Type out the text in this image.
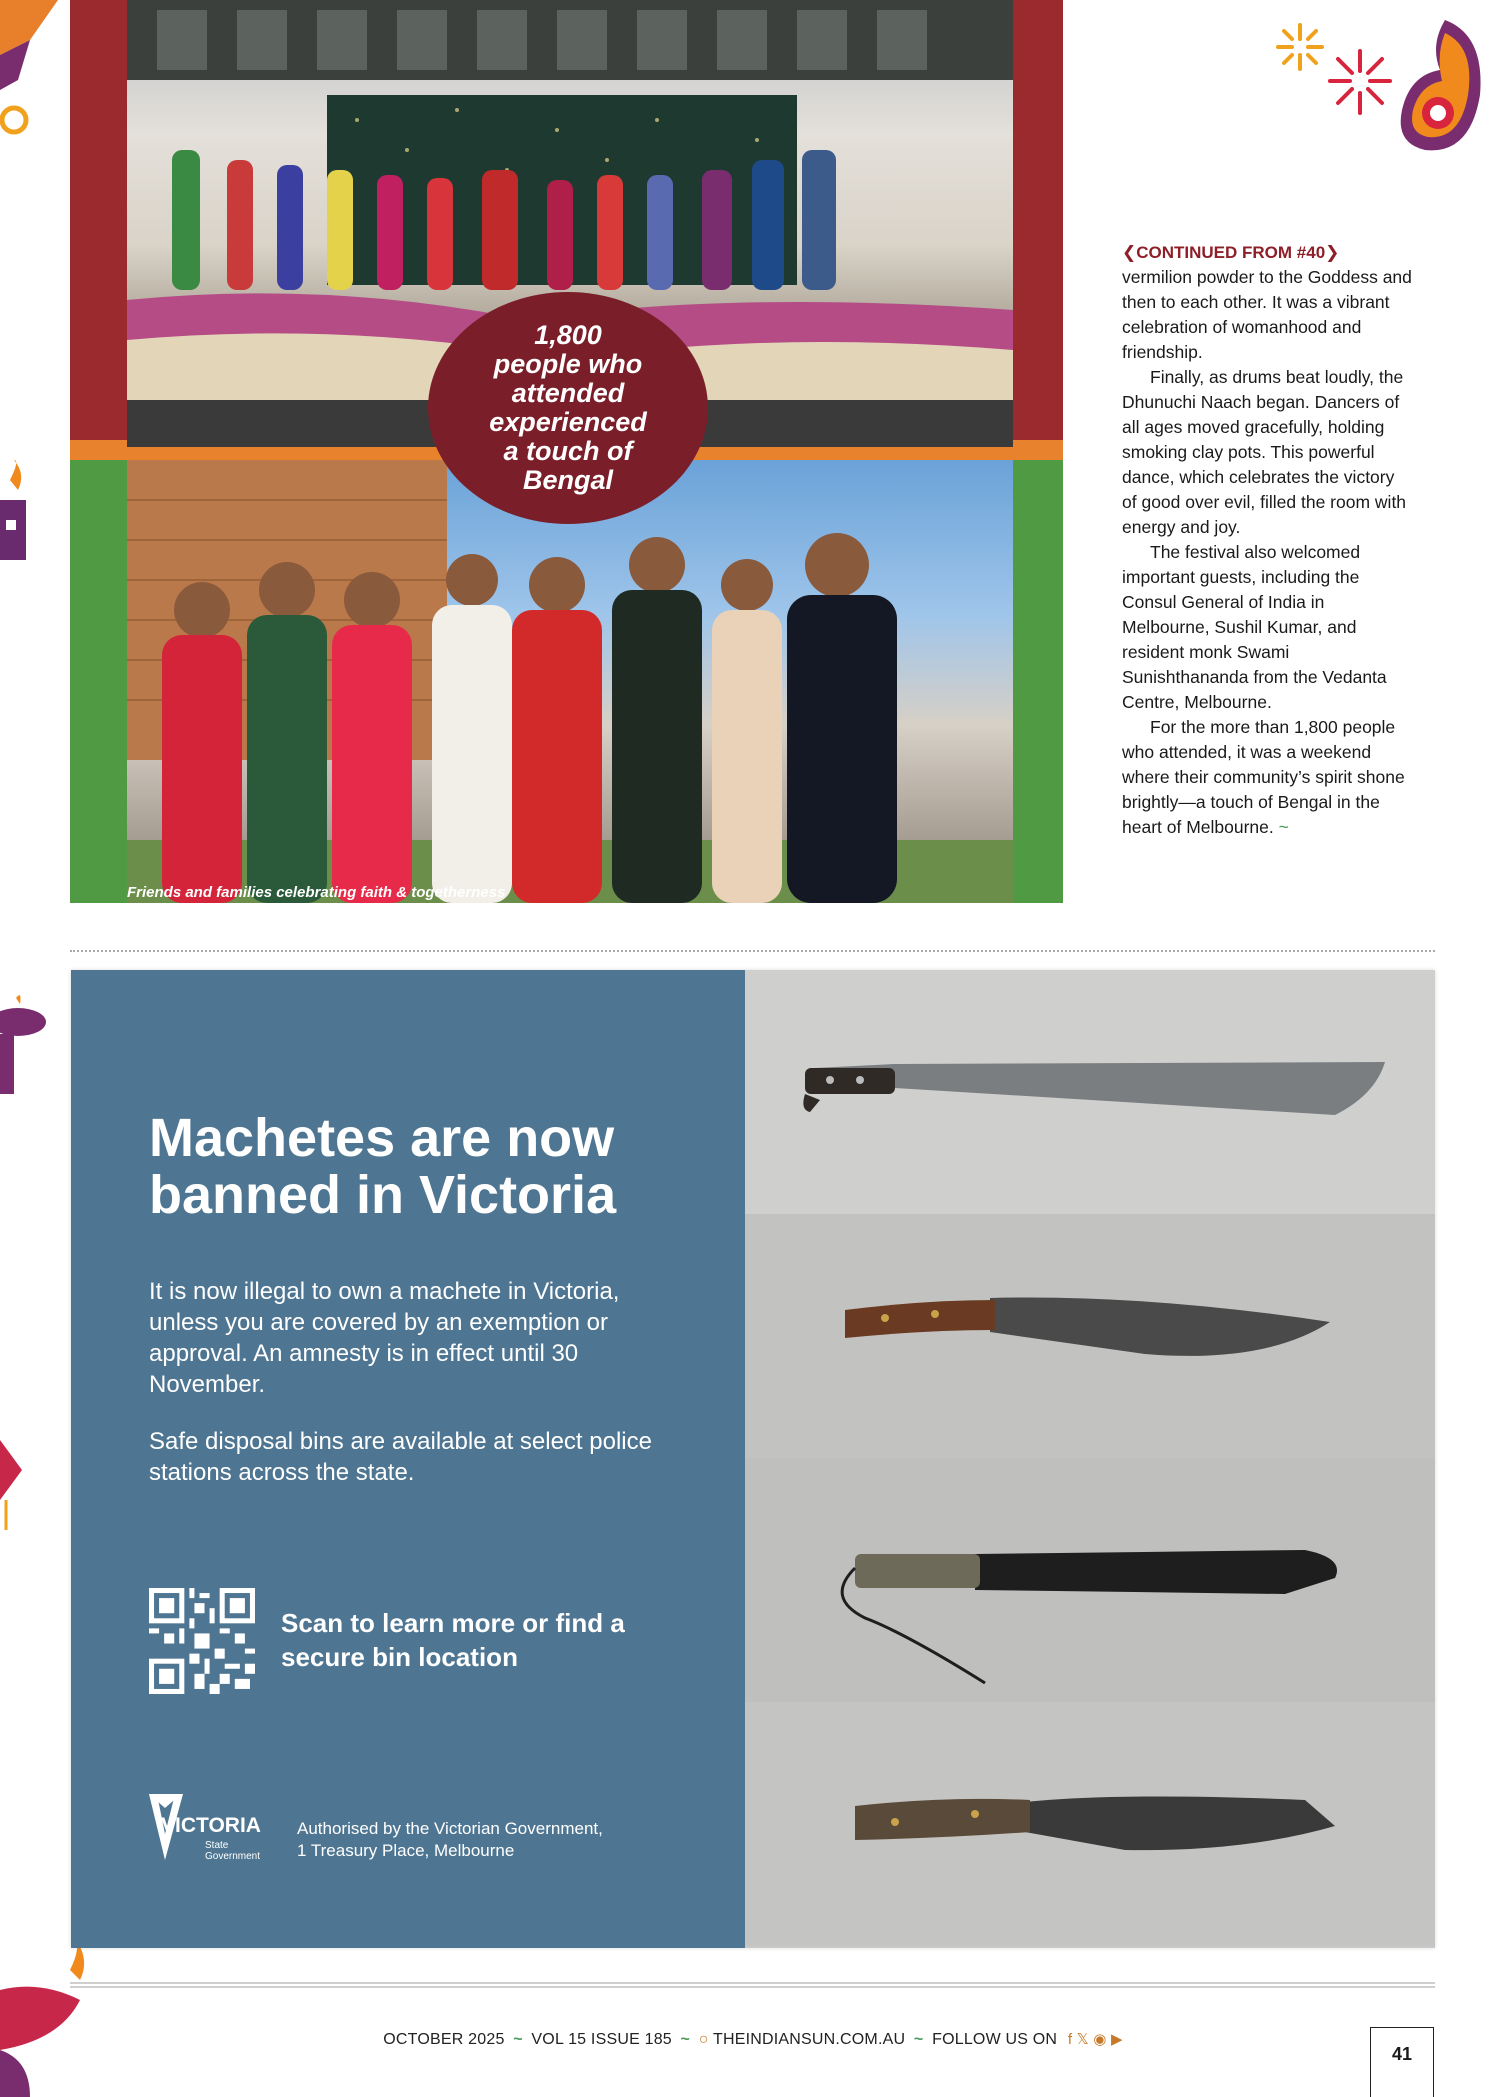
1,800
people who
attended
experienced
a touch of
Bengal
Friends and families celebrating faith & togetherness
❮CONTINUED FROM #40❯

vermilion powder to the Goddess and then to each other. It was a vibrant celebration of womanhood and friendship.

Finally, as drums beat loudly, the Dhunuchi Naach began. Dancers of all ages moved gracefully, holding smoking clay pots. This powerful dance, which celebrates the victory of good over evil, filled the room with energy and joy.

The festival also welcomed important guests, including the Consul General of India in Melbourne, Sushil Kumar, and resident monk Swami Sunishthananda from the Vedanta Centre, Melbourne.

For the more than 1,800 people who attended, it was a weekend where their community’s spirit shone brightly—a touch of Bengal in the heart of Melbourne. ~

Machetes are now banned in Victoria
It is now illegal to own a machete in Victoria, unless you are covered by an exemption or approval. An amnesty is in effect until 30 November.
Safe disposal bins are available at select police stations across the state.
Scan to learn more or find a secure bin location
VICTORIA
State
Government
Authorised by the Victorian Government,
1 Treasury Place, Melbourne
OCTOBER 2025 ~ VOL 15 ISSUE 185 ~ ○ THEINDIANSUN.COM.AU ~ FOLLOW US ON f 𝕏 ◉ ▶
41
